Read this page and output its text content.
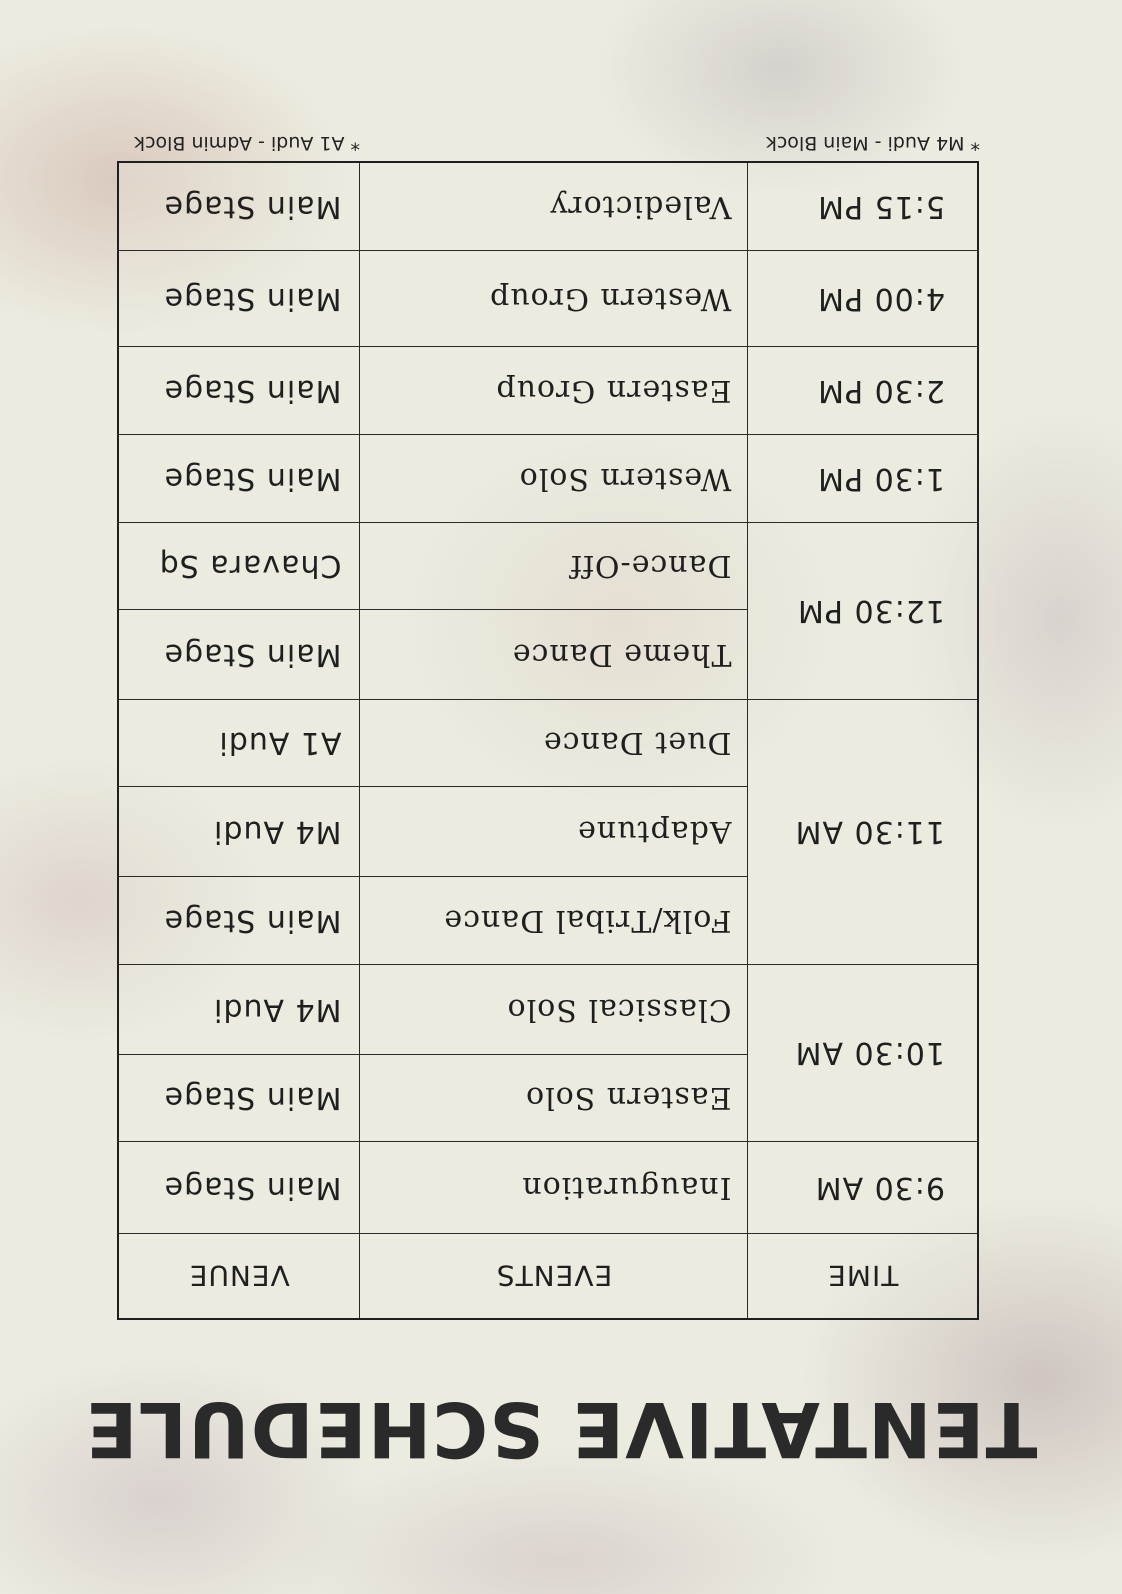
TENTATIVE SCHEDULE
TIME	EVENTS	VENUE
9:30 AM	Inauguration	Main Stage
10:30 AM	Eastern Solo	Main Stage
	Classical Solo	M4 Audi
11:30 AM	Folk/Tribal Dance	Main Stage
	Adaptune	M4 Audi
	Duet Dance	A1 Audi
12:30 PM	Theme Dance	Main Stage
	Dance-Off	Chavara Sq
1:30 PM	Western Solo	Main Stage
2:30 PM	Eastern Group	Main Stage
4:00 PM	Western Group	Main Stage
5:15 PM	Valedictory	Main Stage
* M4 Audi - Main Block
* A1 Audi - Admin Block
